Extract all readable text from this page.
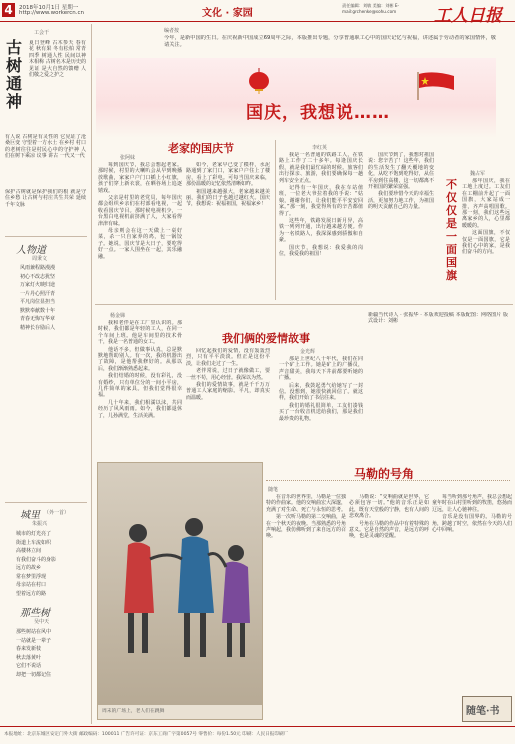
4	2018年10月1日 星期一
http://www.workercn.cn	文化 · 家园
责任编辑：刘敏 美编：刘彬 E-mail:grchenke@sohu.com	工人日报
工会干
古树通神
夏日登峰 古木参天 春有花 秋有果 冬有松柏 常青四季 树通人性 民间以神木相称 古树名木是历史的见证 是大自然的馈赠 人们敬之爱之护之
有人说 古树是有灵性的 它见证了沧桑巨变 守望着一方水土 在乡村 村口的老树往往是村民心中的守护神 人们在树下乘凉 议事 讲古 一代又一代
保护古树就是保护我们的根 就是守住乡愁 让古树与村庄共生共荣 延续千年文脉
人物道
周秉文
风雨兼程路漫漫
初心不改志犹坚
万家灯火映归途
一片丹心照汗青
平凡岗位显担当
默默奉献数十年
青春无悔写华章
精神长存励后人
城里 （外一首）
朱振兴
城市的灯光亮了
街道上车流如织
高楼林立间
有我们奋斗的身影
远方的故乡
常在梦里浮现
母亲站在村口
望着远方的路
那些树
吴中天
那些树站在风中
一站就是一辈子
春来发新枝
秋去落黄叶
它们不说话
却把一切都记住
编者按
今年，是新中国的生日。在庆祝新中国成立69周年之际，本版推出专题，分享普通职工心中的国庆记忆与祝福，讲述属于劳动者的家国情怀，敬请关注。
国庆，我想说……
老家的国庆节
张阿妹

每到国庆节，我总会想起老家。那时候，村里的大喇叭会从早到晚播放歌曲，家家户户门口插上小红旗，孩子们穿上新衣裳，在晒谷场上追逐嬉戏。

父亲是村里的老党员，每年国庆都会组织乡亲们在村部看电视，一起收看国庆节目。那时候电视机少，一台黑白电视机前挤满了人，大家看得津津有味。

母亲则会在这一天做上一桌好菜，杀一只自家养的鸡，包一锅饺子。她说，国庆节是大日子，要吃得好一点。一家人围坐在一起，其乐融融。

如今，老家早已变了模样，水泥路通到了家门口，家家户户住上了楼房，看上了彩电。可每当国庆来临，那份温暖的记忆依然清晰如昨。

祖国越来越强大，老家越来越美丽，我们的日子也越过越红火。国庆节，我想说：祝福祖国，祝福家乡！

李红英

我是一名普通的铁路工人，在铁路上工作了二十多年。每逢国庆长假，就是我们最忙碌的时候。旅客们出行探亲、旅游，我们要确保每一趟列车安全正点。

记得有一年国庆，我在车站值班，一位老大爷拉着我的手说：“姑娘，谢谢你们，让我们能平平安安回家。”那一刻，我觉得所有的辛苦都值得了。

这些年，铁路发展日新月异，高铁一列列开通，出行越来越方便。作为一名铁路人，我深深感到骄傲和自豪。

国庆节，我想说：我爱我的岗位，我爱我的祖国！

国庆节到了，我想对祖国说：您辛苦了！这些年，我们的生活发生了翻天覆地的变化，从吃不饱到吃得好，从住平房到住高楼，这一切都离不开祖国的繁荣富强。

我们要珍惜今天的幸福生活，更加努力地工作，为祖国的明天贡献自己的力量。

不仅仅是一面国旗
魏占军

那年国庆，我在工地上度过。工友们在工棚前升起了一面国旗，大家站成一排，齐声高唱国歌。那一刻，我们这些远离家乡的人，心里都暖暖的。

这面国旗，不仅仅是一面国旗，它是我们心中的家，是我们奋斗的方向。

我们俩的爱情故事
杨金娣

我和老伴是在工厂里认识的。那时候，我们都是年轻的工人，在同一个车间上班。他是车间里的技术骨干，我是一名普通的女工。

他话不多，但做事认真，总是默默地帮助别人。有一次，我的机器出了故障，是他帮我修好的。从那以后，我们渐渐熟悉起来。

我们结婚的时候，没有彩礼，没有婚纱，只有单位分的一间小平房，几件简单的家具。但我们觉得很幸福。

几十年来，我们相濡以沫，共同经历了风风雨雨。如今，我们都退休了，儿孙满堂，生活美满。

回忆起我们的爱情，没有轰轰烈烈，只有平平淡淡。但正是这份平淡，让我们走过了一生。

老伴常说，过日子就像做工，要一丝不苟，用心经营。我深以为然。

我们的爱情故事，就是千千万万普通工人家庭的缩影。平凡，却真实而温暖。

金光辉

那是上世纪八十年代，我们在同一个矿上工作。她是矿上的广播员，声音甜美，我每天下井前都要听她的广播。

后来，我鼓起勇气给她写了一封信。没想到，她很快就回信了。就这样，我们开始了书信往来。

我们的婚礼很简单，工友们凑钱买了一台收音机送给我们，那是我们最珍贵的礼物。

新疆当代诗人 · 张振华 · 本版欢迎投稿 本版配图：网络图片 版式设计：刘彬
周末的广场上，老人们在跳舞
马勒的号角
随笔

在音乐的世界里，马勒是一位独特的作曲家。他的交响曲宏大深邃，充满了对生命、死亡与永恒的思考。

第一次听马勒的第二交响曲，是在一个秋天的夜晚。当那熟悉的号角声响起，我仿佛听到了来自远方的召唤。

马勒说：“交响曲就是世界，它必须包容一切。”他的音乐正是如此，既有天堂般的宁静，也有人间的悲欢离合。

号角在马勒的作品中有着特殊的意义。它是自然的声音，是远方的呼唤，也是灵魂的觉醒。

每当听到那号角声，我总会想起童年时在山村里听到的牧笛，悠扬而辽远，让人心驰神往。

音乐是没有国界的。马勒的号角，跨越了时空，依然在今天的人们心中回响。

随笔·书
本报地址：北京东城区安定门外大街 邮政编码：100011 广告许可证：京东工商广字第0057号 零售价：每份1.50元 印刷：人民日报印刷厂
